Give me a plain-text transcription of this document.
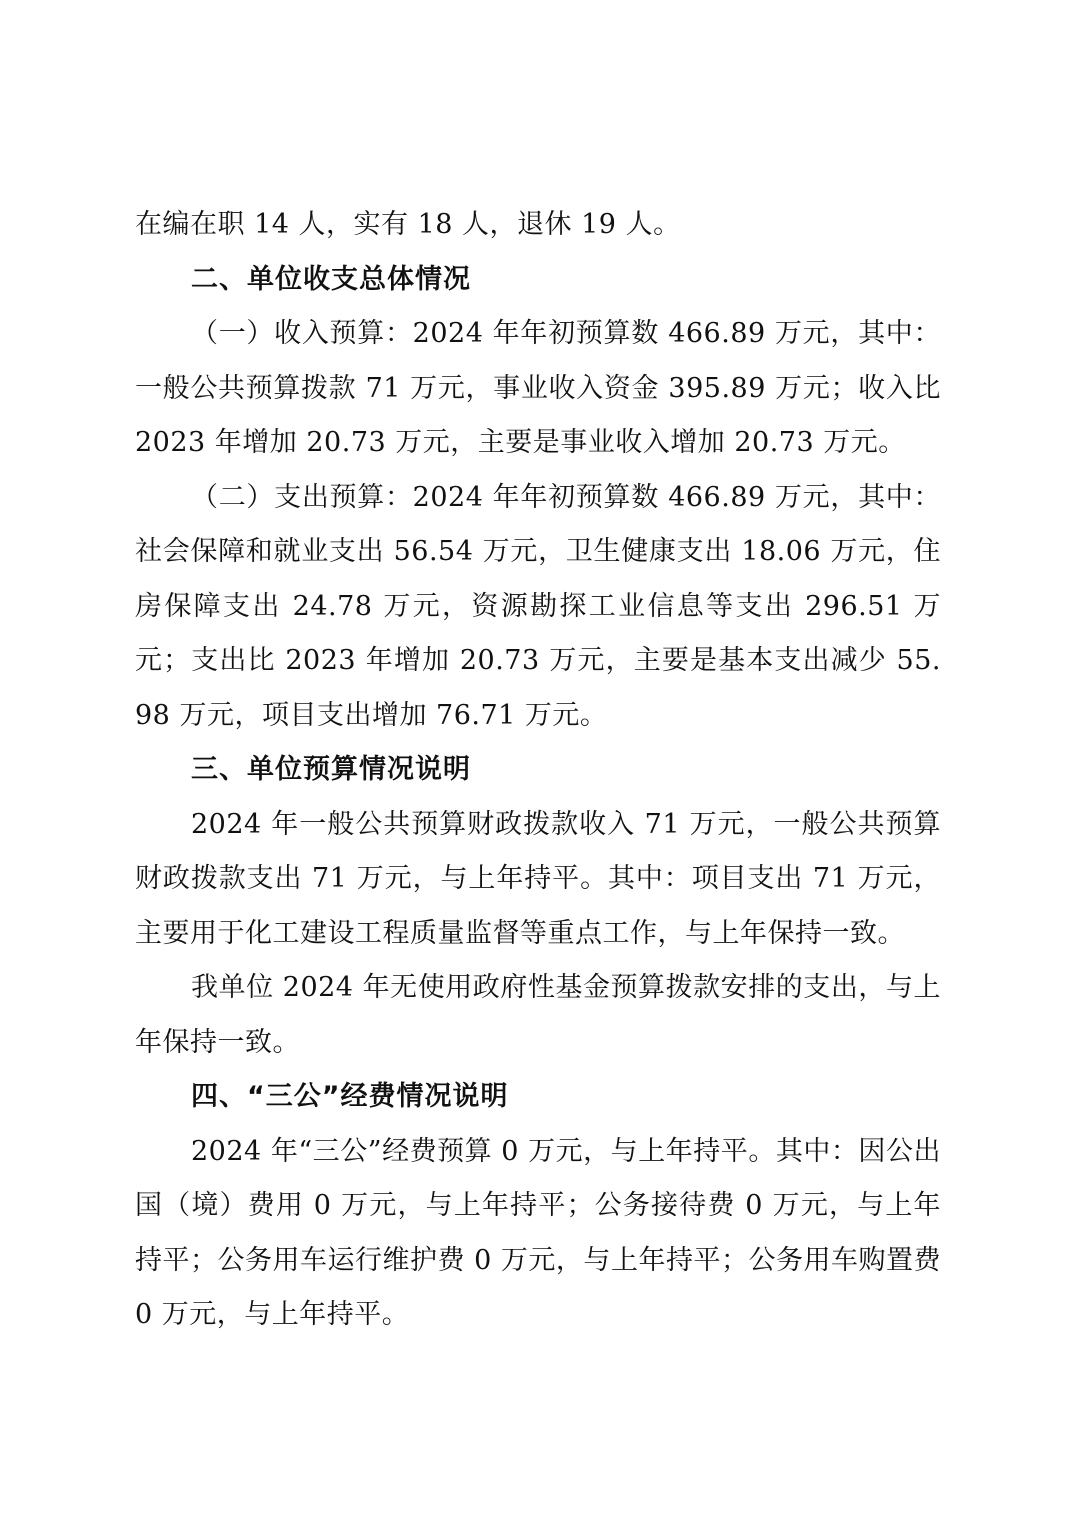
在编在职 14 人，实有 18 人，退休 19 人。

二、单位收支总体情况

（一）收入预算：2024 年年初预算数 466.89 万元，其中：一般公共预算拨款 71 万元，事业收入资金 395.89 万元；收入比 2023 年增加 20.73 万元，主要是事业收入增加 20.73 万元。

（二）支出预算：2024 年年初预算数 466.89 万元，其中：社会保障和就业支出 56.54 万元，卫生健康支出 18.06 万元，住房保障支出 24.78 万元，资源勘探工业信息等支出 296.51 万元；支出比 2023 年增加 20.73 万元，主要是基本支出减少 55.98 万元，项目支出增加 76.71 万元。

三、单位预算情况说明

2024 年一般公共预算财政拨款收入 71 万元，一般公共预算财政拨款支出 71 万元，与上年持平。其中：项目支出 71 万元，主要用于化工建设工程质量监督等重点工作，与上年保持一致。

我单位 2024 年无使用政府性基金预算拨款安排的支出，与上年保持一致。

四、“三公”经费情况说明

2024 年“三公”经费预算 0 万元，与上年持平。其中：因公出国（境）费用 0 万元，与上年持平；公务接待费 0 万元，与上年持平；公务用车运行维护费 0 万元，与上年持平；公务用车购置费 0 万元，与上年持平。
